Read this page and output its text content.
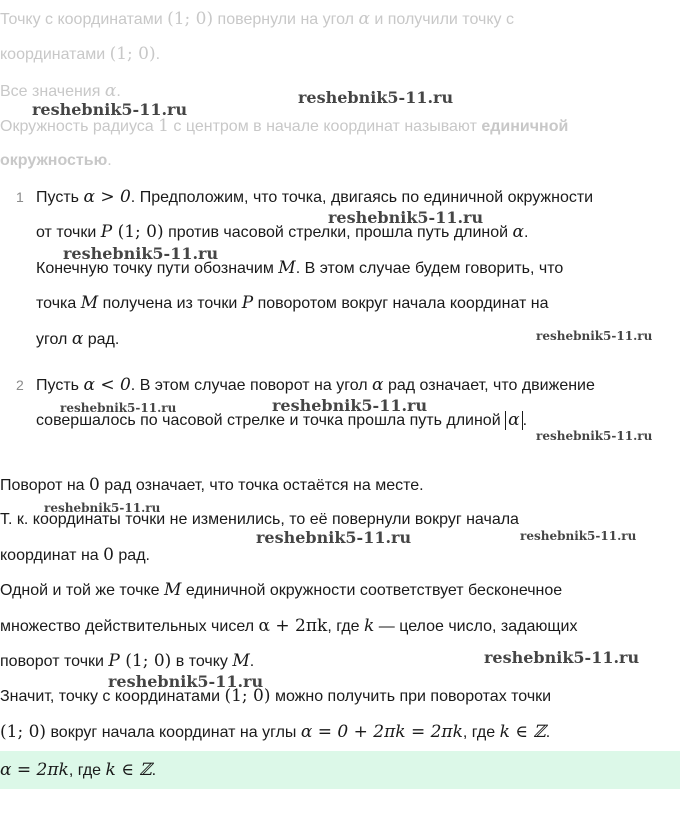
Точку с координатами (1; 0) повернули на угол α и получили точку с
координатами (1; 0).
Все значения α.
Окружность радиуса 1 с центром в начале координат называют единичной
окружностью.
1 Пусть α > 0. Предположим, что точка, двигаясь по единичной окружности
от точки P (1; 0) против часовой стрелки, прошла путь длиной α.
Конечную точку пути обозначим M. В этом случае будем говорить, что
точка M получена из точки P поворотом вокруг начала координат на
угол α рад.
2 Пусть α < 0. В этом случае поворот на угол α рад означает, что движение
совершалось по часовой стрелке и точка прошла путь длиной α .
Поворот на 0 рад означает, что точка остаётся на месте.
Т. к. координаты точки не изменились, то её повернули вокруг начала
координат на 0 рад.
Одной и той же точке M единичной окружности соответствует бесконечное
множество действительных чисел α + 2πk, где k — целое число, задающих
поворот точки P (1; 0) в точку M.
Значит, точку с координатами (1; 0) можно получить при поворотах точки
(1; 0) вокруг начала координат на углы α = 0 + 2πk = 2πk, где k ∈ ℤ.
α = 2πk, где k ∈ ℤ.
reshebnik5-11.ru
reshebnik5-11.ru
reshebnik5-11.ru
reshebnik5-11.ru
reshebnik5-11.ru
reshebnik5-11.ru	reshebnik5-11.ru
reshebnik5-11.ru
reshebnik5-11.ru
reshebnik5-11.ru	reshebnik5-11.ru
reshebnik5-11.ru
reshebnik5-11.ru
